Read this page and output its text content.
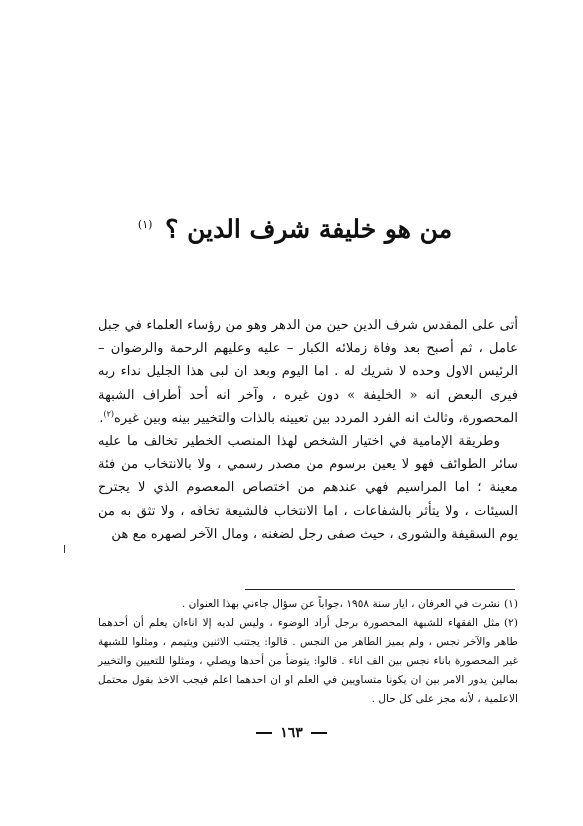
من هو خليفة شرف الدين ؟ $^{(١)}$

أتى على المقدس شرف الدين حين من الدهر وهو من رؤساء العلماء في جبل عامل ، ثم أصبح بعد وفاة زملائه الكبار – عليه وعليهم الرحمة والرضوان – الرئيس الاول وحده لا شريك له . اما اليوم وبعد ان لبى هذا الجليل نداء ربه فيرى البعض انه « الخليفة » دون غيره ، وآخر انه أحد أطراف الشبهة المحصورة، وثالث انه الفرد المردد بين تعيينه بالذات والتخيير بينه وبين غيره$^{(٢)}$.

وطريقة الإمامية في اختيار الشخص لهذا المنصب الخطير تخالف ما عليه سائر الطوائف فهو لا يعين برسوم من مصدر رسمي ، ولا بالانتخاب من فئة معينة ؛ اما المراسيم فهي عندهم من اختصاص المعصوم الذي لا يجترح السيئات ، ولا يتأثر بالشفاعات ، اما الانتخاب فالشيعة تخافه ، ولا تثق به من يوم السقيفة والشورى ، حيث صفى رجل لضغنه ، ومال الآخر لصهره مع هن

(١)نشرت في العرفان ، ايار سنة ١٩٥٨ ،جواباً عن سؤال جاءني بهذا العنوان .

(٢)مثل الفقهاء للشبهة المحصورة برجل أراد الوضوء ، وليس لديه إلا اناءان يعلم أن أحدهما طاهر والآخر نجس ، ولم يميز الطاهر من النجس . قالوا: يجتنب الاثنين ويتيمم ، ومثلوا للشبهة غير المحصورة باناء نجس بين الف اناء . قالوا: يتوضأ من أحدها ويصلي ، ومثلوا للتعيين والتخيير بمالين يدور الامر بين ان يكونا متساويين في العلم او ان احدهما اعلم فيجب الاخذ بقول محتمل الاعلمية ، لأنه مجز على كل حال .

١٦٣
